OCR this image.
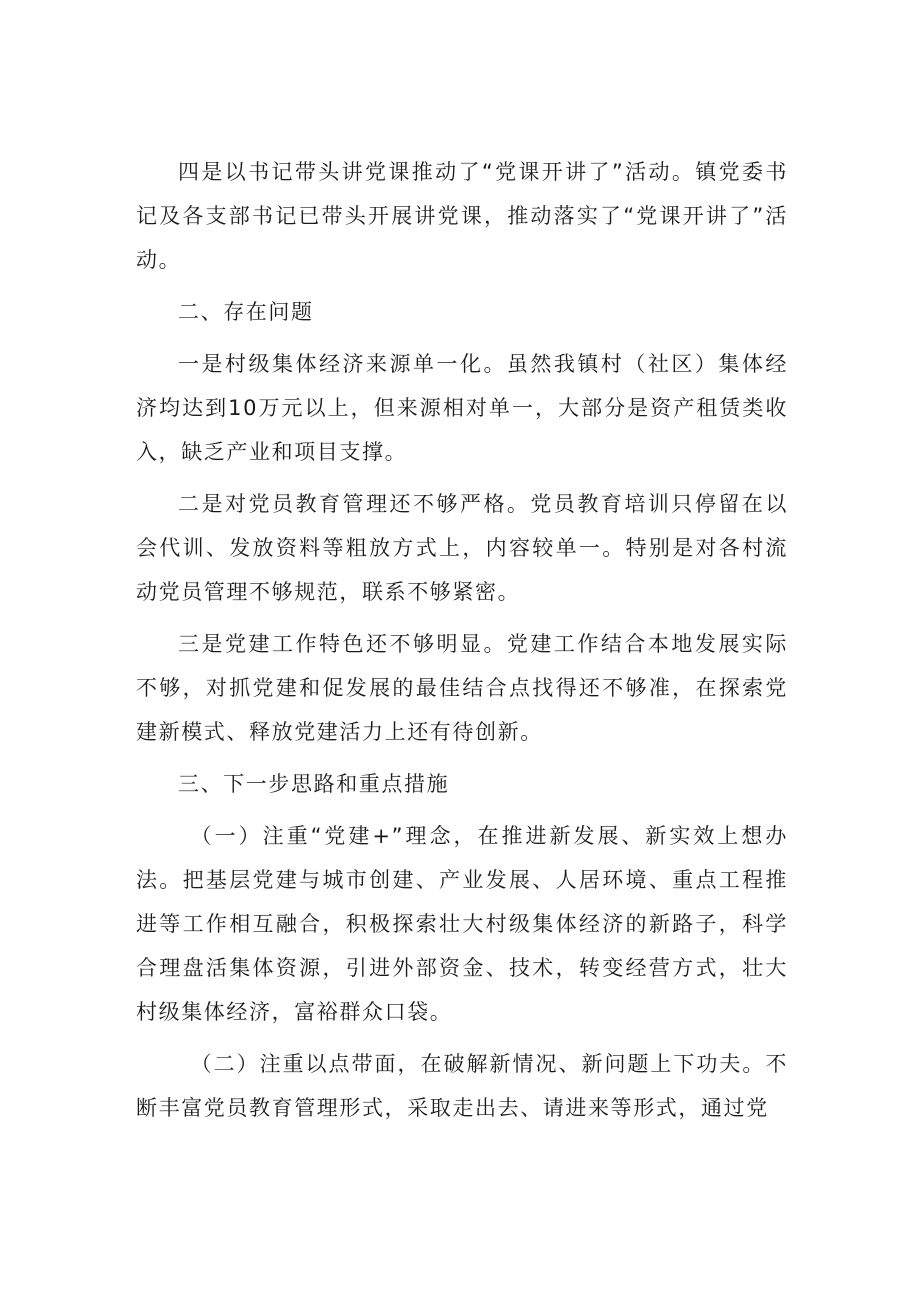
四是以书记带头讲党课推动了“党课开讲了”活动。镇党委书记及各支部书记已带头开展讲党课，推动落实了“党课开讲了”活动。

二、存在问题

一是村级集体经济来源单一化。虽然我镇村（社区）集体经济均达到10万元以上，但来源相对单一，大部分是资产租赁类收入，缺乏产业和项目支撑。

二是对党员教育管理还不够严格。党员教育培训只停留在以会代训、发放资料等粗放方式上，内容较单一。特别是对各村流动党员管理不够规范，联系不够紧密。

三是党建工作特色还不够明显。党建工作结合本地发展实际不够，对抓党建和促发展的最佳结合点找得还不够准，在探索党建新模式、释放党建活力上还有待创新。

三、下一步思路和重点措施

（一）注重“党建+”理念，在推进新发展、新实效上想办法。把基层党建与城市创建、产业发展、人居环境、重点工程推进等工作相互融合，积极探索壮大村级集体经济的新路子，科学合理盘活集体资源，引进外部资金、技术，转变经营方式，壮大村级集体经济，富裕群众口袋。

（二）注重以点带面，在破解新情况、新问题上下功夫。不断丰富党员教育管理形式，采取走出去、请进来等形式，通过党
